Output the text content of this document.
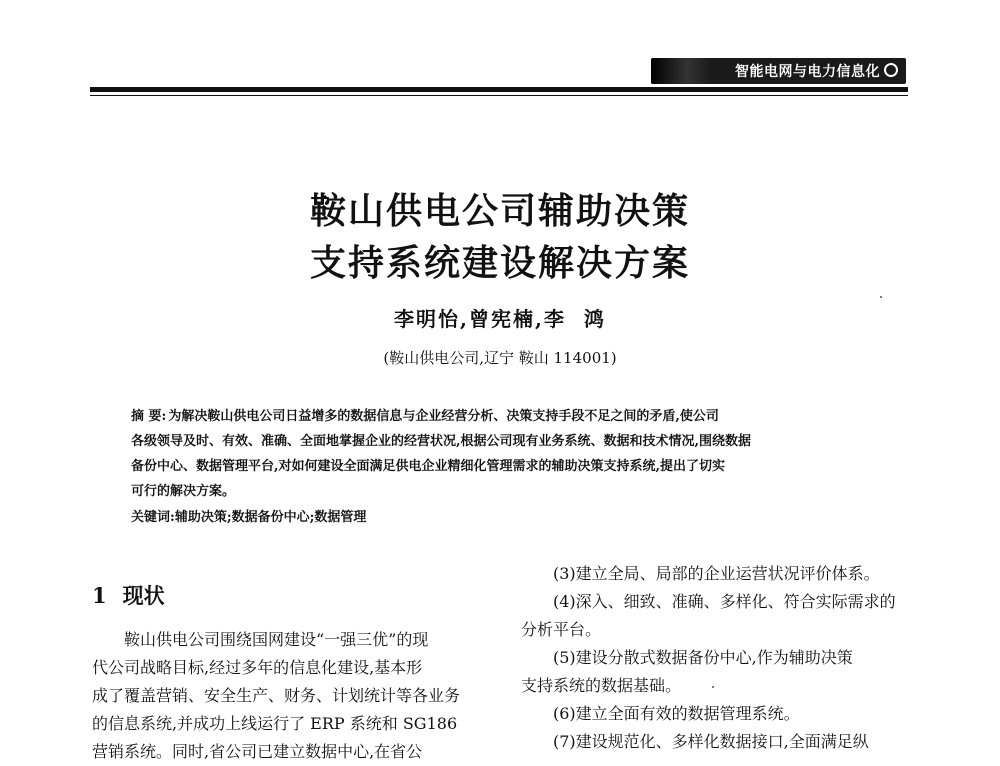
智能电网与电力信息化
鞍山供电公司辅助决策
支持系统建设解决方案
李明怡,曾宪楠,李  鸿
(鞍山供电公司,辽宁 鞍山 114001)
摘 要: 为解决鞍山供电公司日益增多的数据信息与企业经营分析、决策支持手段不足之间的矛盾,使公司
各级领导及时、有效、准确、全面地掌握企业的经营状况,根据公司现有业务系统、数据和技术情况,围绕数据
备份中心、数据管理平台,对如何建设全面满足供电企业精细化管理需求的辅助决策支持系统,提出了切实
可行的解决方案。
关键词:辅助决策;数据备份中心;数据管理
1 现状
鞍山供电公司围绕国网建设“一强三优”的现
代公司战略目标,经过多年的信息化建设,基本形
成了覆盖营销、安全生产、财务、计划统计等各业务
的信息系统,并成功上线运行了 ERP 系统和 SG186
营销系统。同时,省公司已建立数据中心,在省公
(3)建立全局、局部的企业运营状况评价体系。
(4)深入、细致、准确、多样化、符合实际需求的
分析平台。
(5)建设分散式数据备份中心,作为辅助决策
支持系统的数据基础。
(6)建立全面有效的数据管理系统。
(7)建设规范化、多样化数据接口,全面满足纵
